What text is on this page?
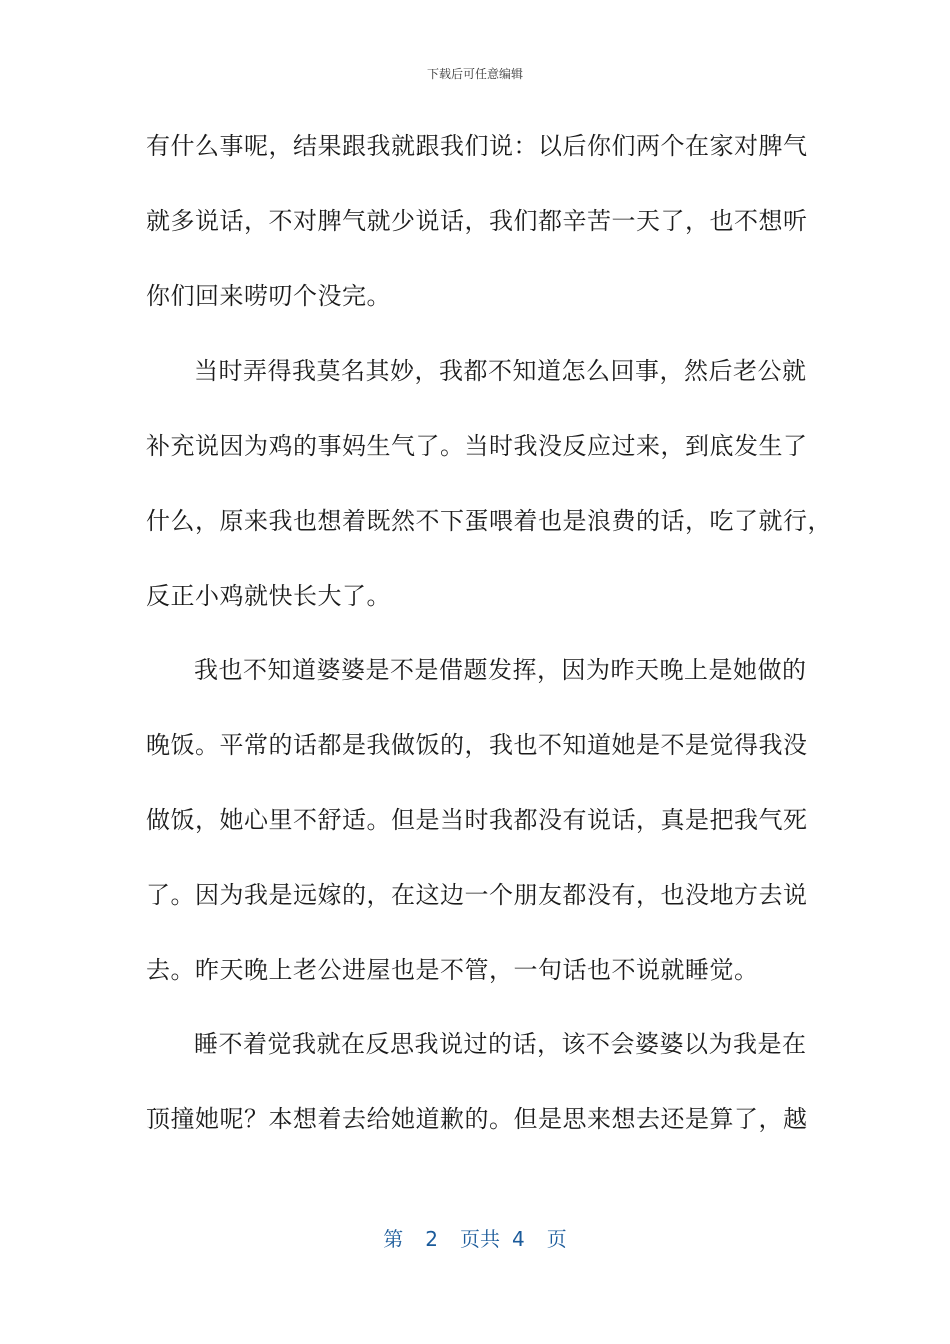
下载后可任意编辑
有什么事呢，结果跟我就跟我们说：以后你们两个在家对脾气
就多说话，不对脾气就少说话，我们都辛苦一天了，也不想听
你们回来唠叨个没完。
当时弄得我莫名其妙，我都不知道怎么回事，然后老公就
补充说因为鸡的事妈生气了。当时我没反应过来，到底发生了
什么，原来我也想着既然不下蛋喂着也是浪费的话，吃了就行，
反正小鸡就快长大了。
我也不知道婆婆是不是借题发挥，因为昨天晚上是她做的
晚饭。平常的话都是我做饭的，我也不知道她是不是觉得我没
做饭，她心里不舒适。但是当时我都没有说话，真是把我气死
了。因为我是远嫁的，在这边一个朋友都没有，也没地方去说
去。昨天晚上老公进屋也是不管，一句话也不说就睡觉。
睡不着觉我就在反思我说过的话，该不会婆婆以为我是在
顶撞她呢？本想着去给她道歉的。但是思来想去还是算了，越
第 2 页共 4 页
